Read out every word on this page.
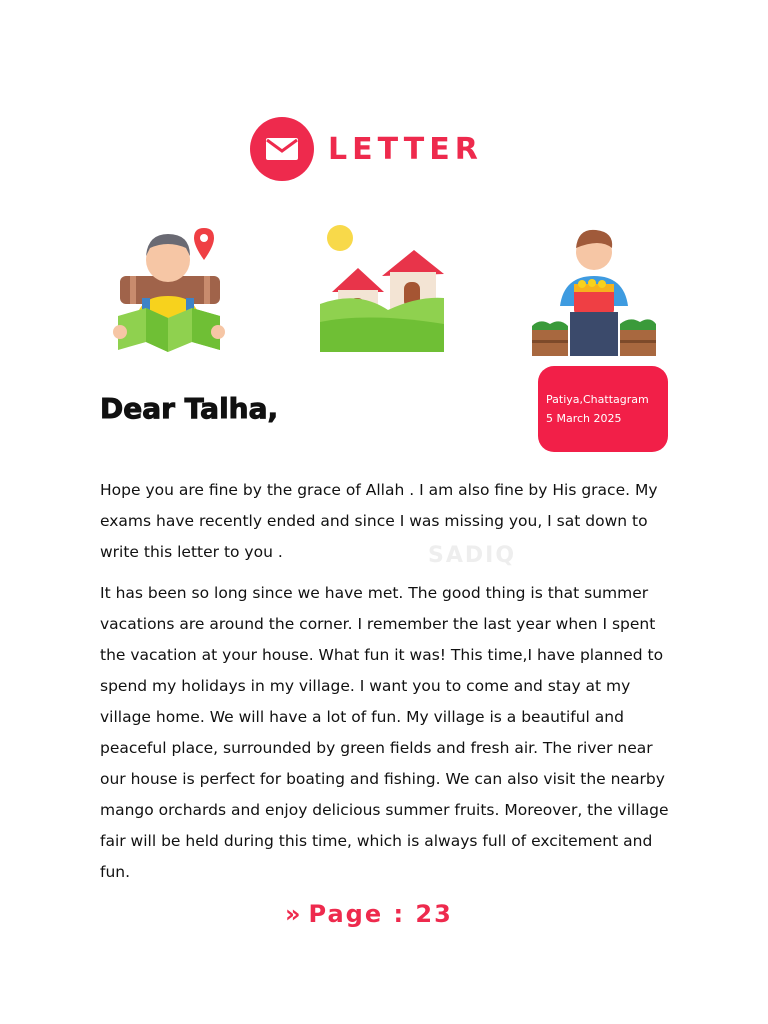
LETTER
Dear Talha,	Patiya,Chattagram
5 March 2025
SADIQ

Hope you are fine by the grace of Allah . I am also fine by His grace. My exams have recently ended and since I was missing you, I sat down to write this letter to you .

It has been so long since we have met. The good thing is that summer vacations are around the corner. I remember the last year when I spent the vacation at your house. What fun it was! This time,I have planned to spend my holidays in my village. I want you to come and stay at my village home. We will have a lot of fun. My village is a beautiful and peaceful place, surrounded by green fields and fresh air. The river near our house is perfect for boating and fishing. We can also visit the nearby mango orchards and enjoy delicious summer fruits. Moreover, the village fair will be held during this time, which is always full of excitement and fun.

» Page : 23
